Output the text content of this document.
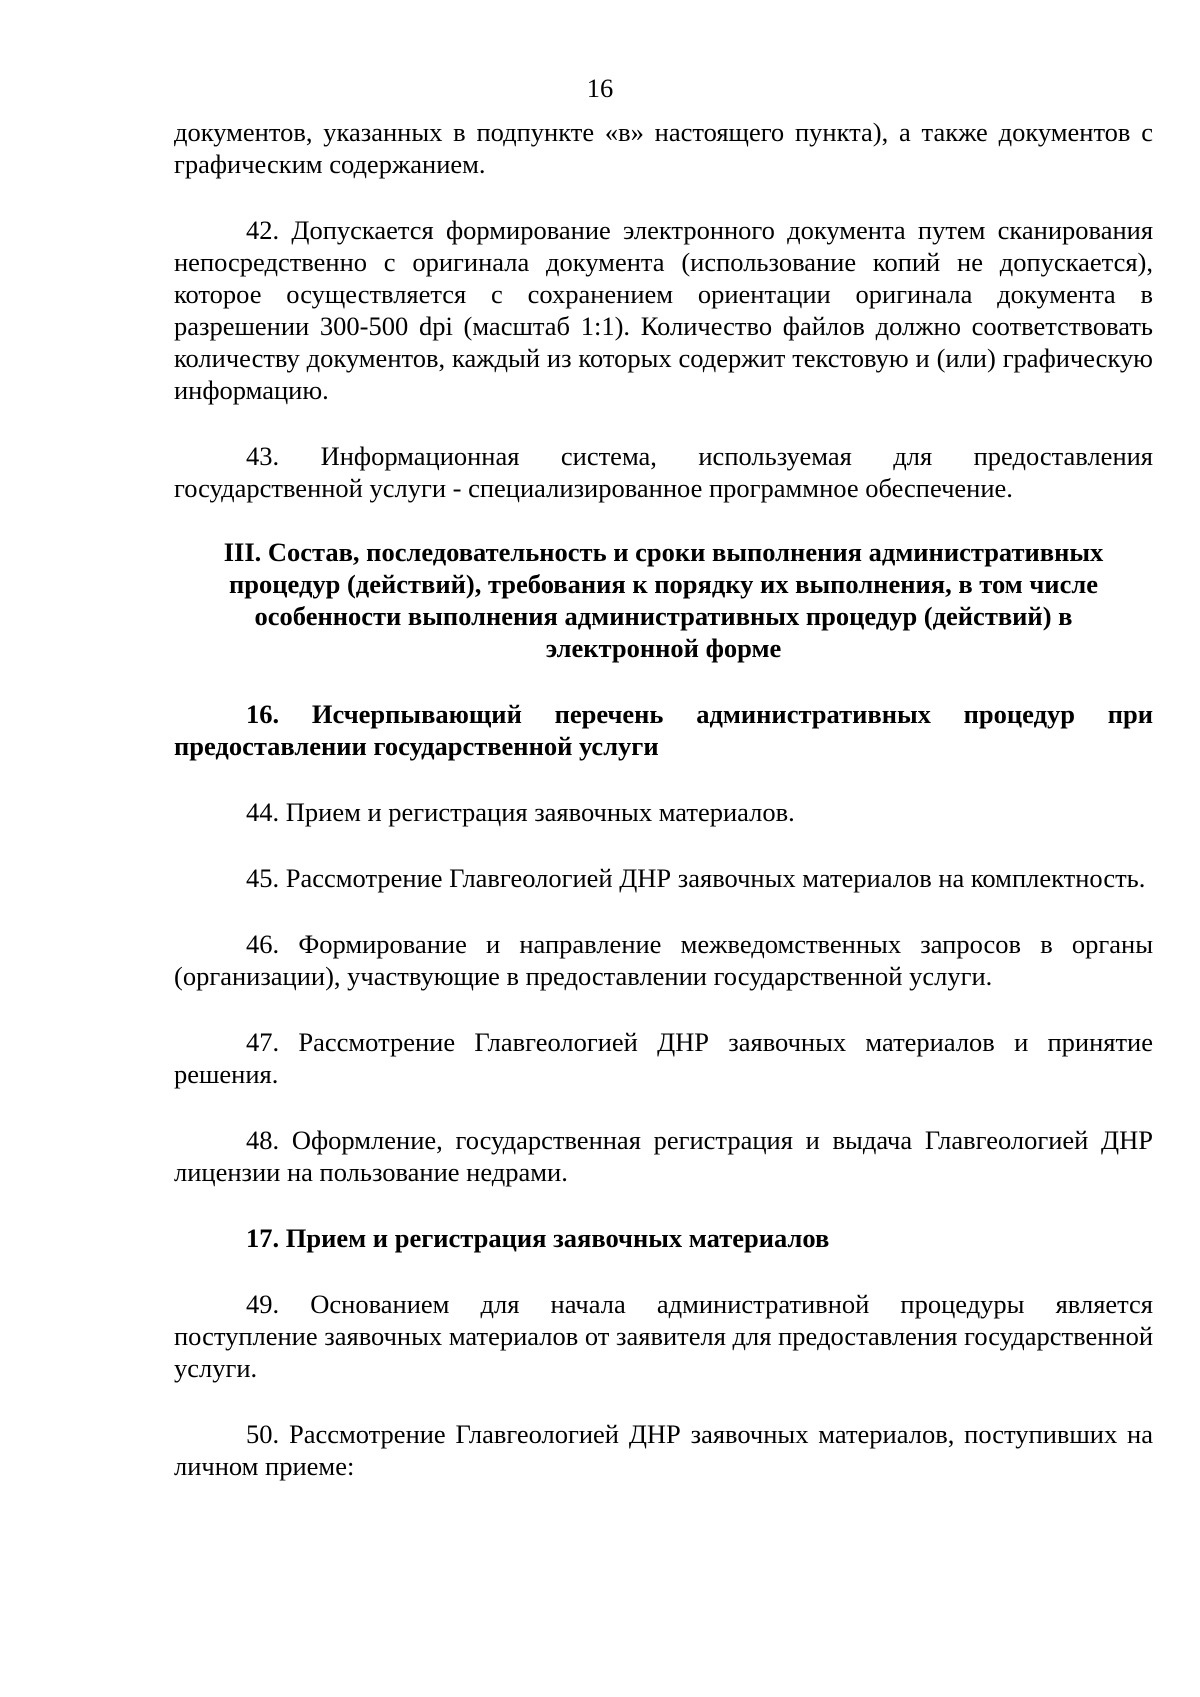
16

документов, указанных в подпункте «в» настоящего пункта), а также документов с графическим содержанием.

42. Допускается формирование электронного документа путем сканирования непосредственно с оригинала документа (использование копий не допускается), которое осуществляется с сохранением ориентации оригинала документа в разрешении 300-500 dpi (масштаб 1:1). Количество файлов должно соответствовать количеству документов, каждый из которых содержит текстовую и (или) графическую информацию.

43. Информационная система, используемая для предоставления государственной услуги - специализированное программное обеспечение.

III. Состав, последовательность и сроки выполнения административных процедур (действий), требования к порядку их выполнения, в том числе особенности выполнения административных процедур (действий) в электронной форме

16. Исчерпывающий перечень административных процедур при предоставлении государственной услуги

44. Прием и регистрация заявочных материалов.

45. Рассмотрение Главгеологией ДНР заявочных материалов на комплектность.

46. Формирование и направление межведомственных запросов в органы (организации), участвующие в предоставлении государственной услуги.

47. Рассмотрение Главгеологией ДНР заявочных материалов и принятие решения.

48. Оформление, государственная регистрация и выдача Главгеологией ДНР лицензии на пользование недрами.

17. Прием и регистрация заявочных материалов

49. Основанием для начала административной процедуры является поступление заявочных материалов от заявителя для предоставления государственной услуги.

50. Рассмотрение Главгеологией ДНР заявочных материалов, поступивших на личном приеме:
